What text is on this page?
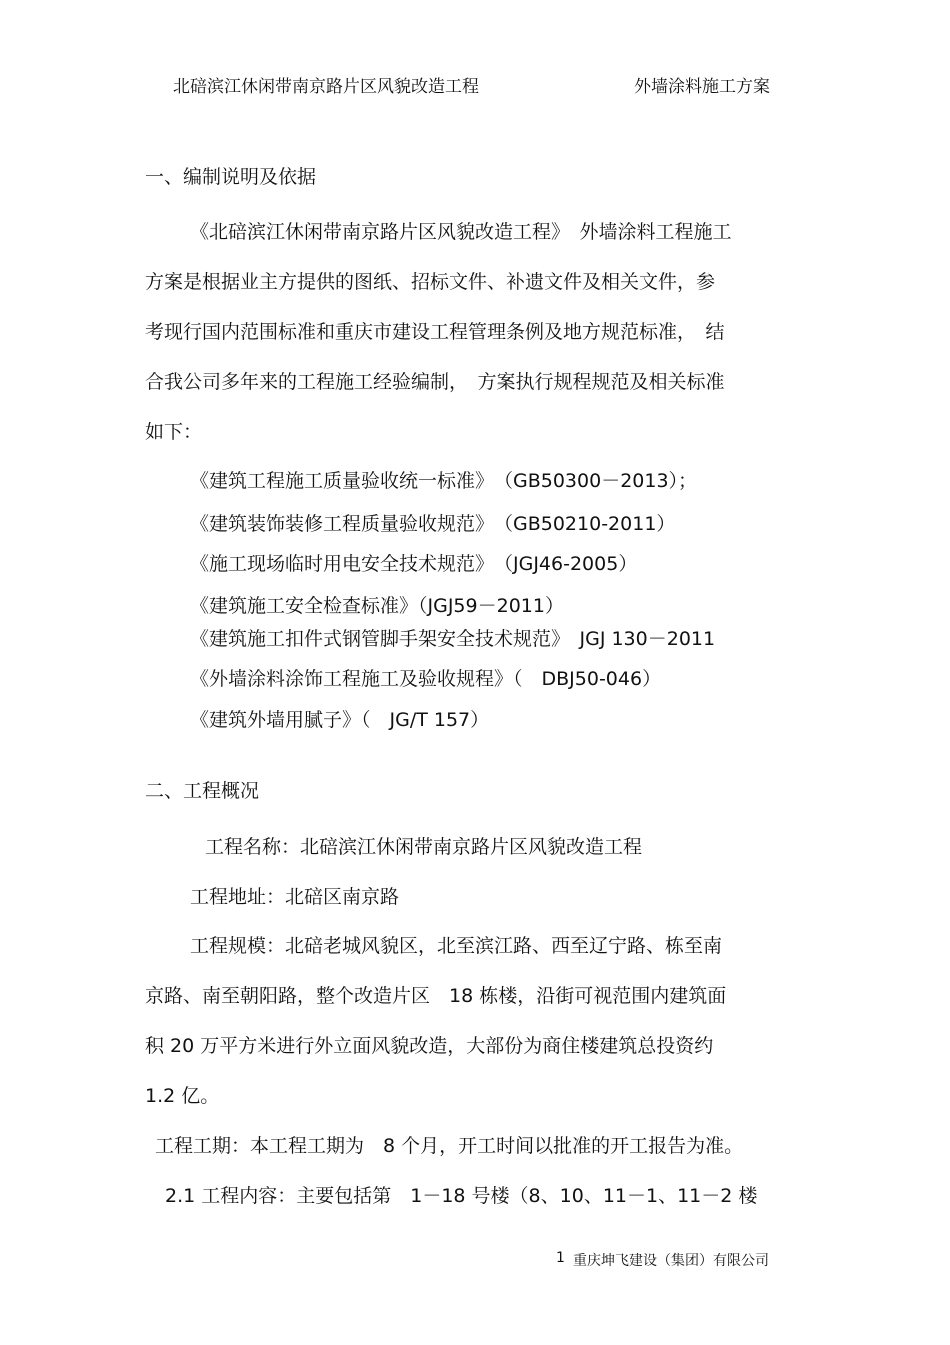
北碚滨江休闲带南京路片区风貌改造工程	外墙涂料施工方案
一、编制说明及依据
《北碚滨江休闲带南京路片区风貌改造工程》　外墙涂料工程施工
方案是根据业主方提供的图纸、招标文件、补遗文件及相关文件，参
考现行国内范围标准和重庆市建设工程管理条例及地方规范标准，　结
合我公司多年来的工程施工经验编制，　方案执行规程规范及相关标准
如下：
《建筑工程施工质量验收统一标准》　（GB50300－2013）；
《建筑装饰装修工程质量验收规范》　（GB50210-2011）
《施工现场临时用电安全技术规范》　（JGJ46-2005）
《建筑施工安全检查标准》（JGJ59－2011）
《建筑施工扣件式钢管脚手架安全技术规范》　JGJ 130－2011
《外墙涂料涂饰工程施工及验收规程》（　DBJ50-046）
《建筑外墙用腻子》（　JG/T 157）
二、工程概况
工程名称：北碚滨江休闲带南京路片区风貌改造工程
工程地址：北碚区南京路
工程规模：北碚老城风貌区，北至滨江路、西至辽宁路、栋至南
京路、南至朝阳路，整个改造片区　18 栋楼，沿街可视范围内建筑面
积 20 万平方米进行外立面风貌改造，大部份为商住楼建筑总投资约
1.2 亿。
工程工期：本工程工期为　8 个月，开工时间以批准的开工报告为准。
2.1 工程内容：主要包括第　1－18 号楼（8、10、11－1、11－2 楼
1 重庆坤飞建设（集团）有限公司
